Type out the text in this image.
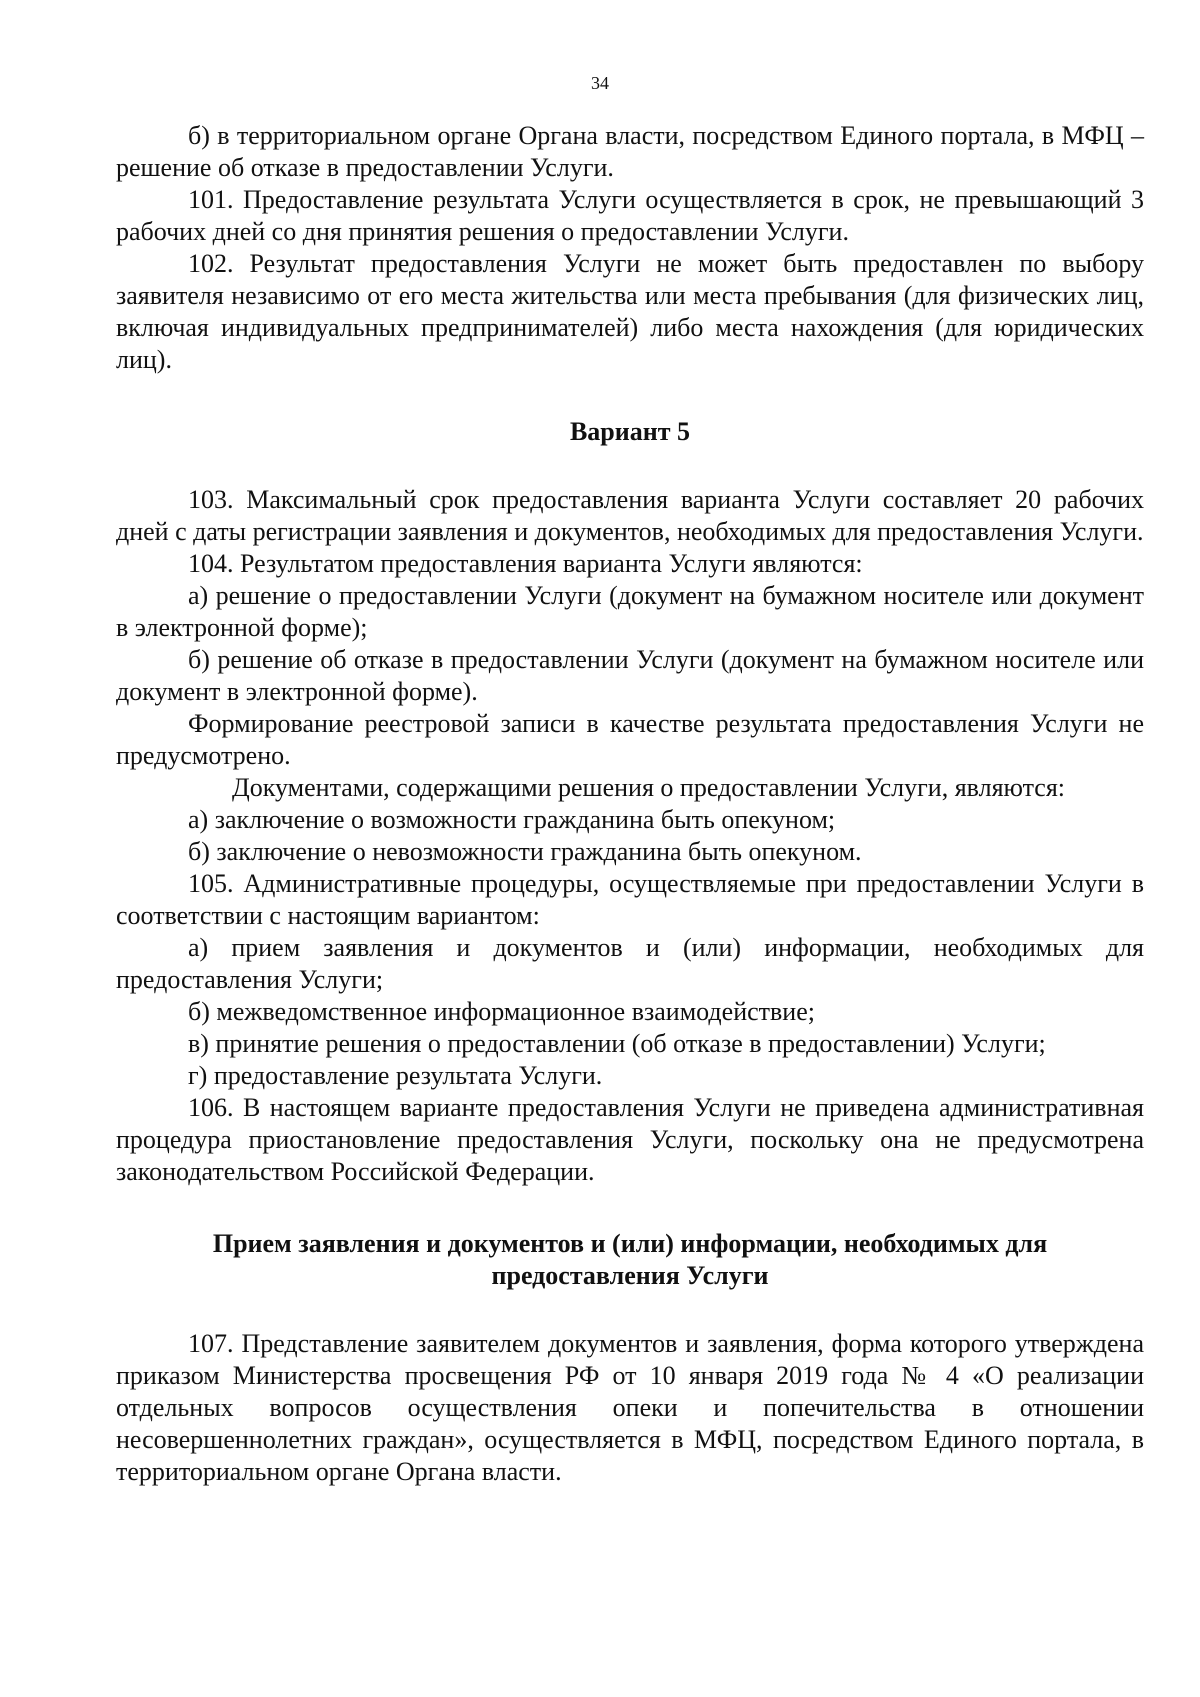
34

б) в территориальном органе Органа власти, посредством Единого портала, в МФЦ – решение об отказе в предоставлении Услуги.

101. Предоставление результата Услуги осуществляется в срок, не превышающий 3 рабочих дней со дня принятия решения о предоставлении Услуги.

102. Результат предоставления Услуги не может быть предоставлен по выбору заявителя независимо от его места жительства или места пребывания (для физических лиц, включая индивидуальных предпринимателей) либо места нахождения (для юридических лиц).

Вариант 5

103. Максимальный срок предоставления варианта Услуги составляет 20 рабочих дней с даты регистрации заявления и документов, необходимых для предоставления Услуги.

104. Результатом предоставления варианта Услуги являются:

а) решение о предоставлении Услуги (документ на бумажном носителе или документ в электронной форме);

б) решение об отказе в предоставлении Услуги (документ на бумажном носителе или документ в электронной форме).

Формирование реестровой записи в качестве результата предоставления Услуги не предусмотрено.

Документами, содержащими решения о предоставлении Услуги, являются:

а) заключение о возможности гражданина быть опекуном;

б) заключение о невозможности гражданина быть опекуном.

105. Административные процедуры, осуществляемые при предоставлении Услуги в соответствии с настоящим вариантом:

а) прием заявления и документов и (или) информации, необходимых для предоставления Услуги;

б) межведомственное информационное взаимодействие;

в) принятие решения о предоставлении (об отказе в предоставлении) Услуги;

г) предоставление результата Услуги.

106. В настоящем варианте предоставления Услуги не приведена административная процедура приостановление предоставления Услуги, поскольку она не предусмотрена законодательством Российской Федерации.

Прием заявления и документов и (или) информации, необходимых для предоставления Услуги

107. Представление заявителем документов и заявления, форма которого утверждена приказом Министерства просвещения РФ от 10 января 2019 года № 4 «О реализации отдельных вопросов осуществления опеки и попечительства в отношении несовершеннолетних граждан», осуществляется в МФЦ, посредством Единого портала, в территориальном органе Органа власти.
